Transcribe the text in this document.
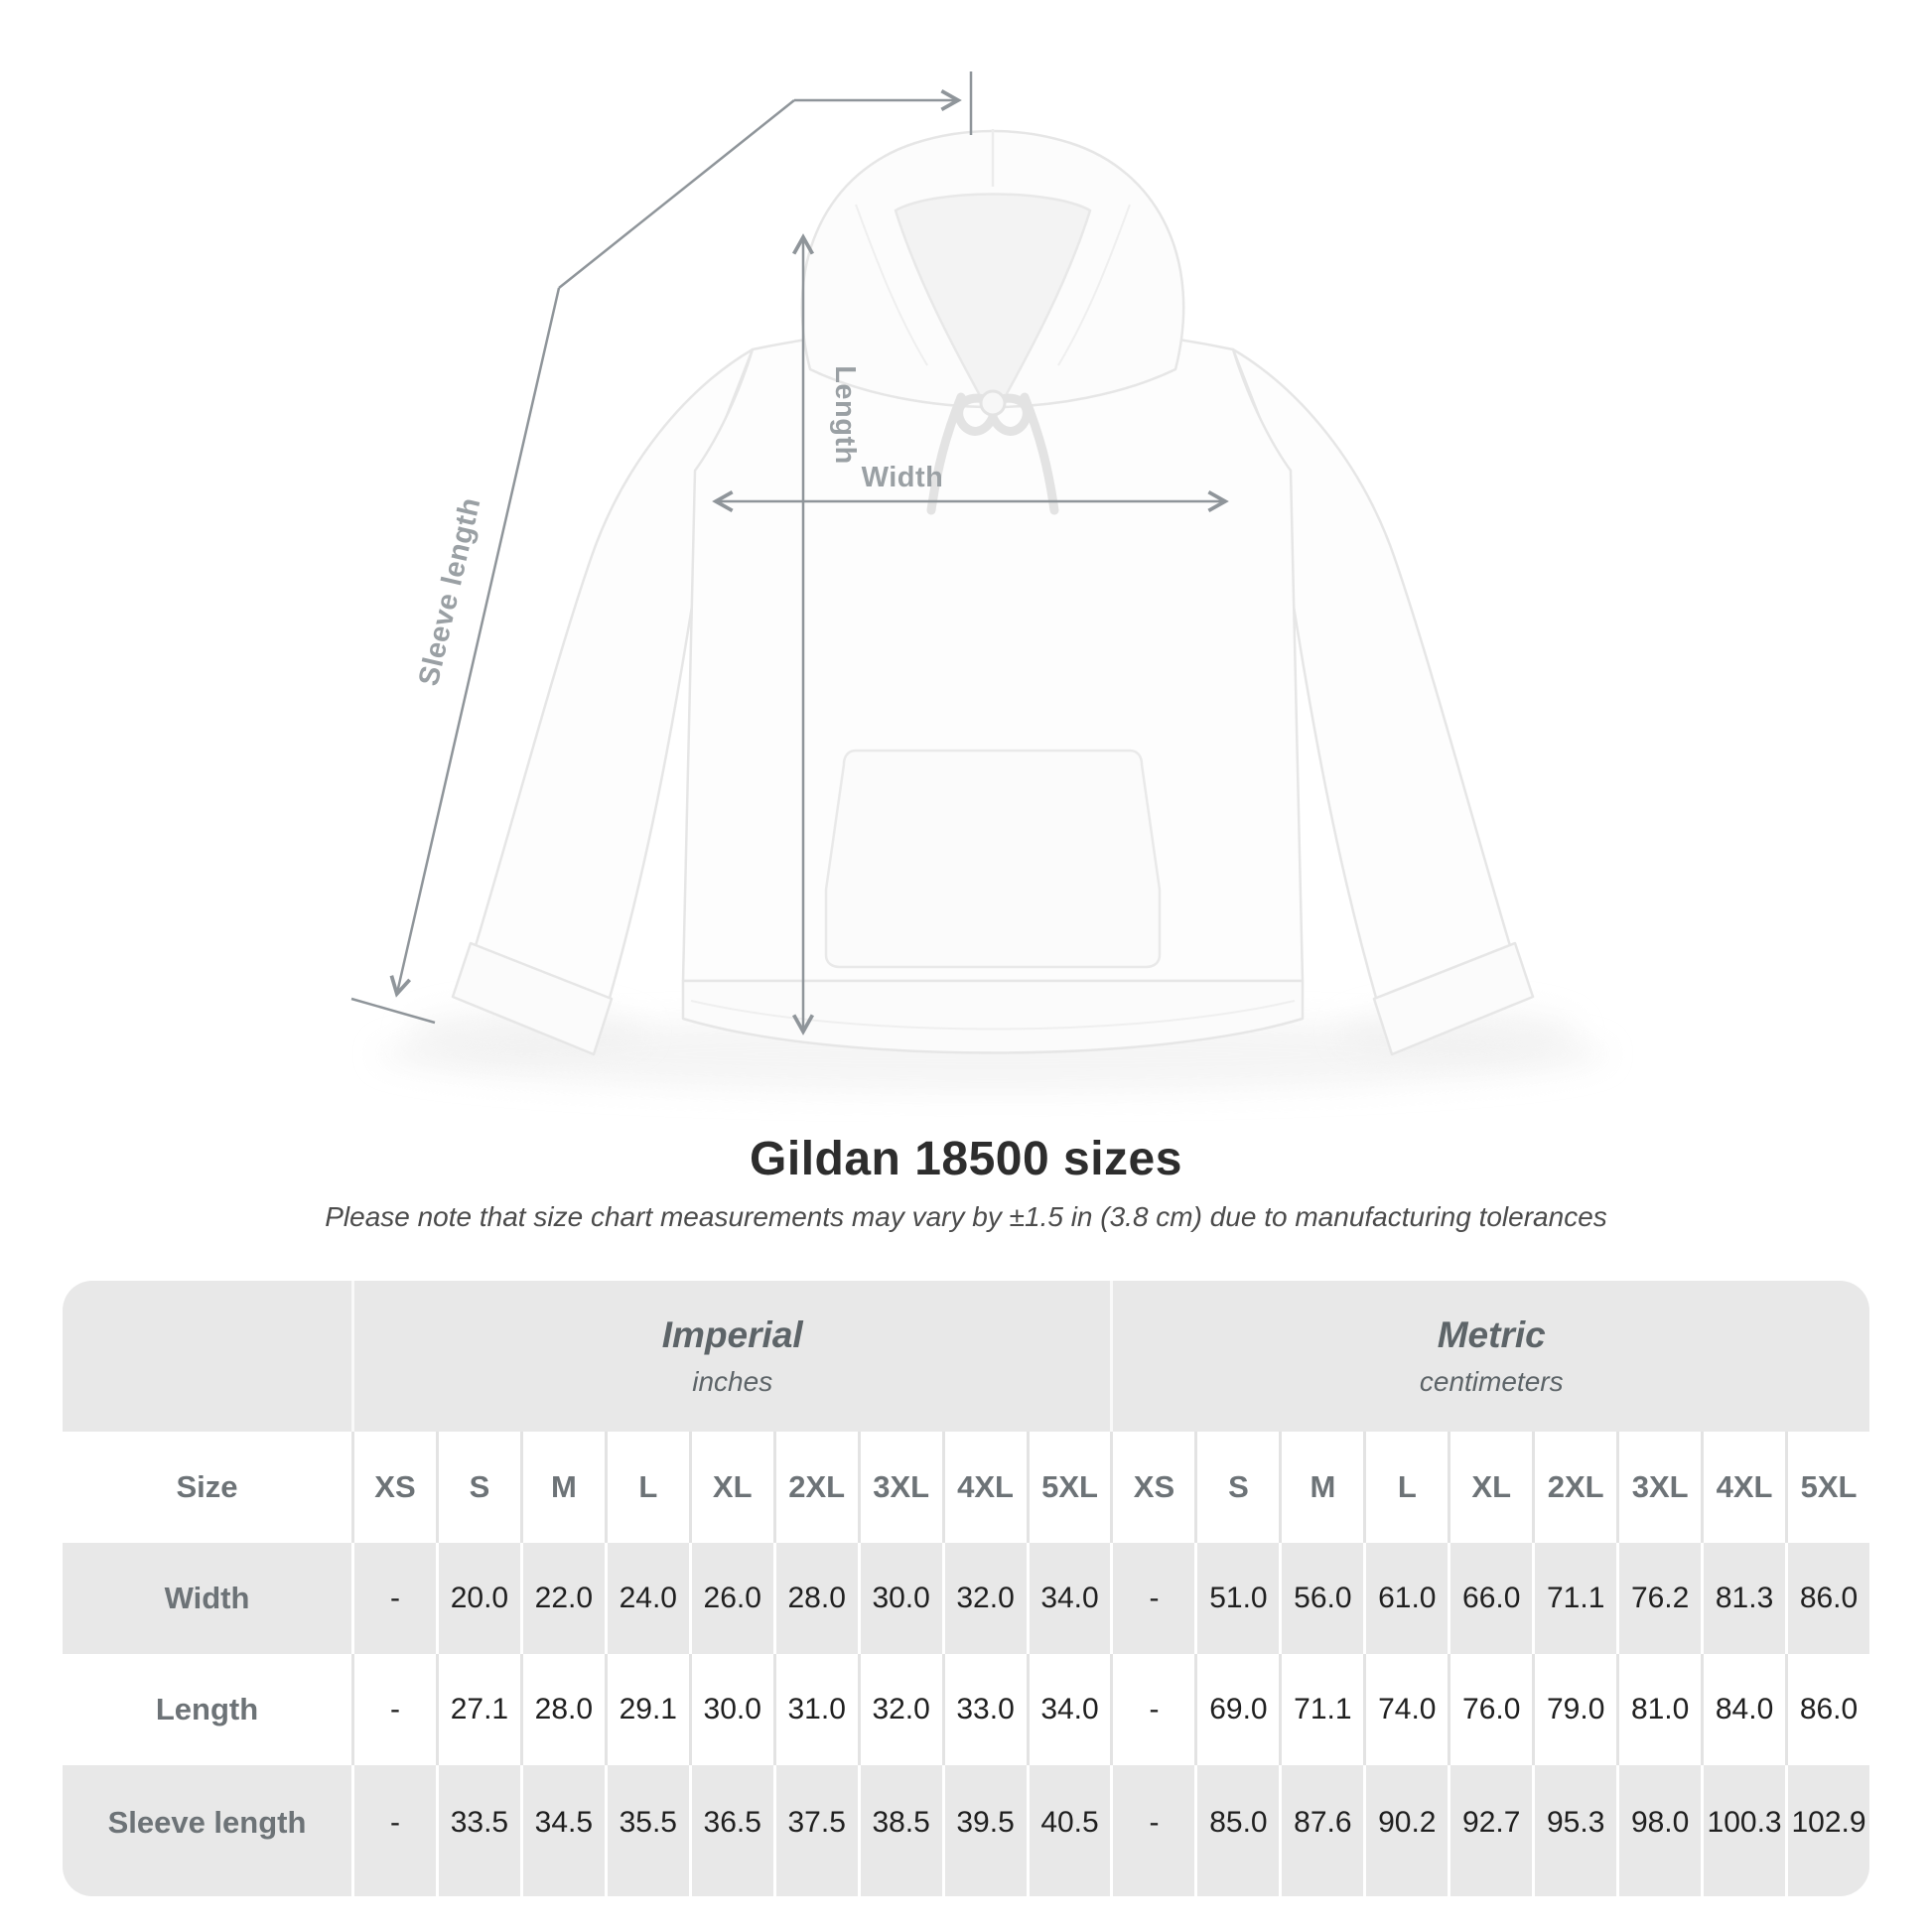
Width
Length
Sleeve length
Gildan 18500 sizes
Please note that size chart measurements may vary by ±1.5 in (3.8 cm) due to manufacturing tolerances
Imperial
inches
Metric
centimeters
Size	XS	S	M	L	XL	2XL 3XL 4XL 5XL	XS	S	M	L	XL	2XL 3XL 4XL 5XL
Width	-	20.0 22.0 24.0 26.0 28.0 30.0 32.0 34.0	-	51.0 56.0 61.0 66.0 71.1 76.2 81.3 86.0
Length	-	27.1 28.0 29.1 30.0 31.0 32.0 33.0 34.0	-	69.0 71.1 74.0 76.0 79.0 81.0 84.0 86.0
Sleeve length	-	33.5 34.5 35.5 36.5 37.5 38.5 39.5 40.5	-	85.0 87.6 90.2 92.7 95.3 98.0 100.3 102.9
